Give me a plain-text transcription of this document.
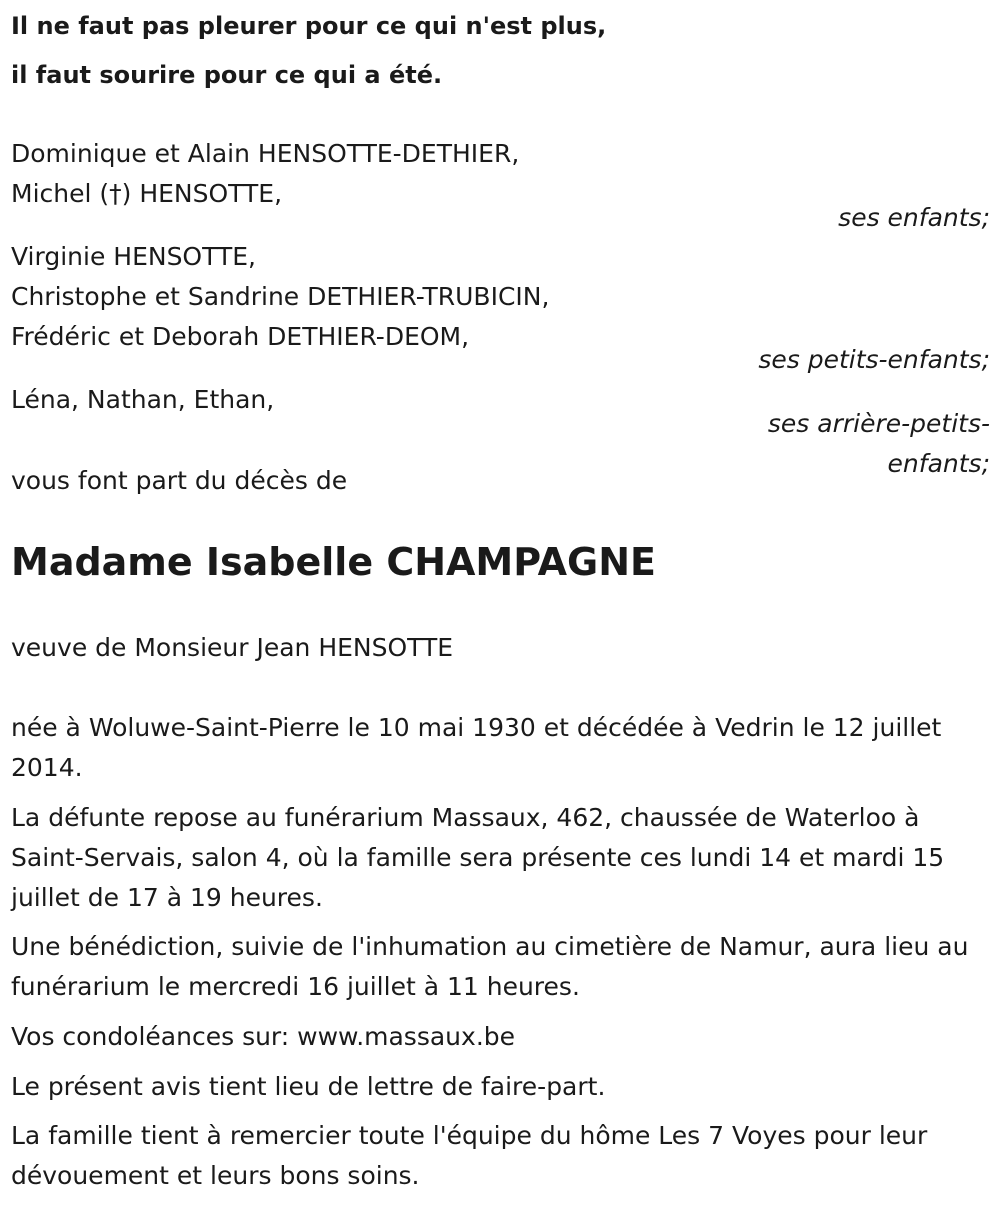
Il ne faut pas pleurer pour ce qui n'est plus,
il faut sourire pour ce qui a été.
Dominique et Alain HENSOTTE-DETHIER,
Michel (†) HENSOTTE,
ses enfants;
Virginie HENSOTTE,
Christophe et Sandrine DETHIER-TRUBICIN,
Frédéric et Deborah DETHIER-DEOM,
ses petits-enfants;
Léna, Nathan, Ethan,
ses arrière-petits-enfants;
vous font part du décès de
Madame Isabelle CHAMPAGNE
veuve de Monsieur Jean HENSOTTE
née à Woluwe-Saint-Pierre le 10 mai 1930 et décédée à Vedrin le 12 juillet 2014.
La défunte repose au funérarium Massaux, 462, chaussée de Waterloo à Saint-Servais, salon 4, où la famille sera présente ces lundi 14 et mardi 15 juillet de 17 à 19 heures.
Une bénédiction, suivie de l'inhumation au cimetière de Namur, aura lieu au funérarium le mercredi 16 juillet à 11 heures.
Vos condoléances sur: www.massaux.be
Le présent avis tient lieu de lettre de faire-part.
La famille tient à remercier toute l'équipe du hôme Les 7 Voyes pour leur dévouement et leurs bons soins.
